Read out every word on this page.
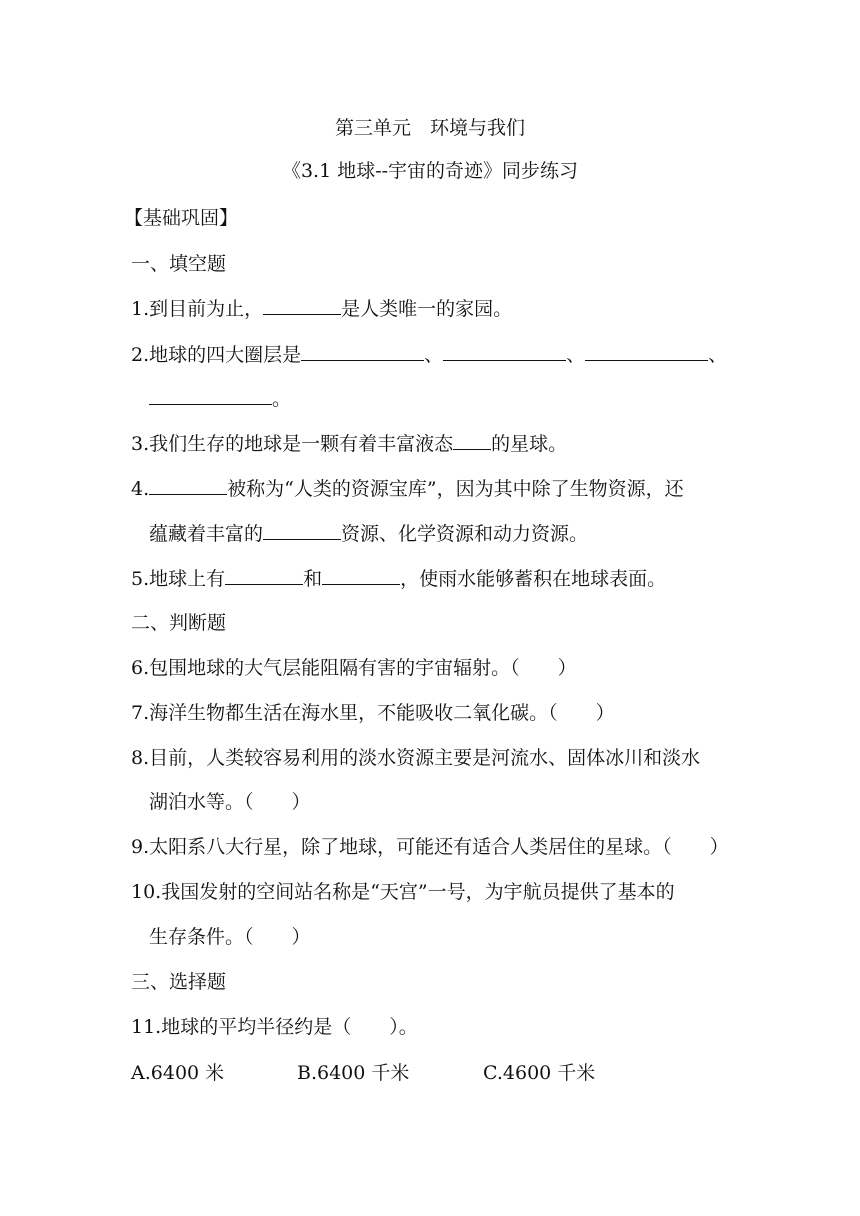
第三单元　环境与我们
《3.1 地球--宇宙的奇迹》同步练习
【基础巩固】
一、填空题
1.到目前为止，	是人类唯一的家园。
2.地球的四大圈层是	、	、	、
。
3.我们生存的地球是一颗有着丰富液态 的星球。
4.	被称为“人类的资源宝库”，因为其中除了生物资源，还
蕴藏着丰富的	资源、化学资源和动力资源。
5.地球上有	和	，使雨水能够蓄积在地球表面。
二、判断题
6.包围地球的大气层能阻隔有害的宇宙辐射。（　　）
7.海洋生物都生活在海水里，不能吸收二氧化碳。（　　）
8.目前，人类较容易利用的淡水资源主要是河流水、固体冰川和淡水
湖泊水等。（　　）
9.太阳系八大行星，除了地球，可能还有适合人类居住的星球。（　　）
10.我国发射的空间站名称是“天宫”一号，为宇航员提供了基本的
生存条件。（　　）
三、选择题
11.地球的平均半径约是（　　）。
A.6400 米	B.6400 千米	C.4600 千米
